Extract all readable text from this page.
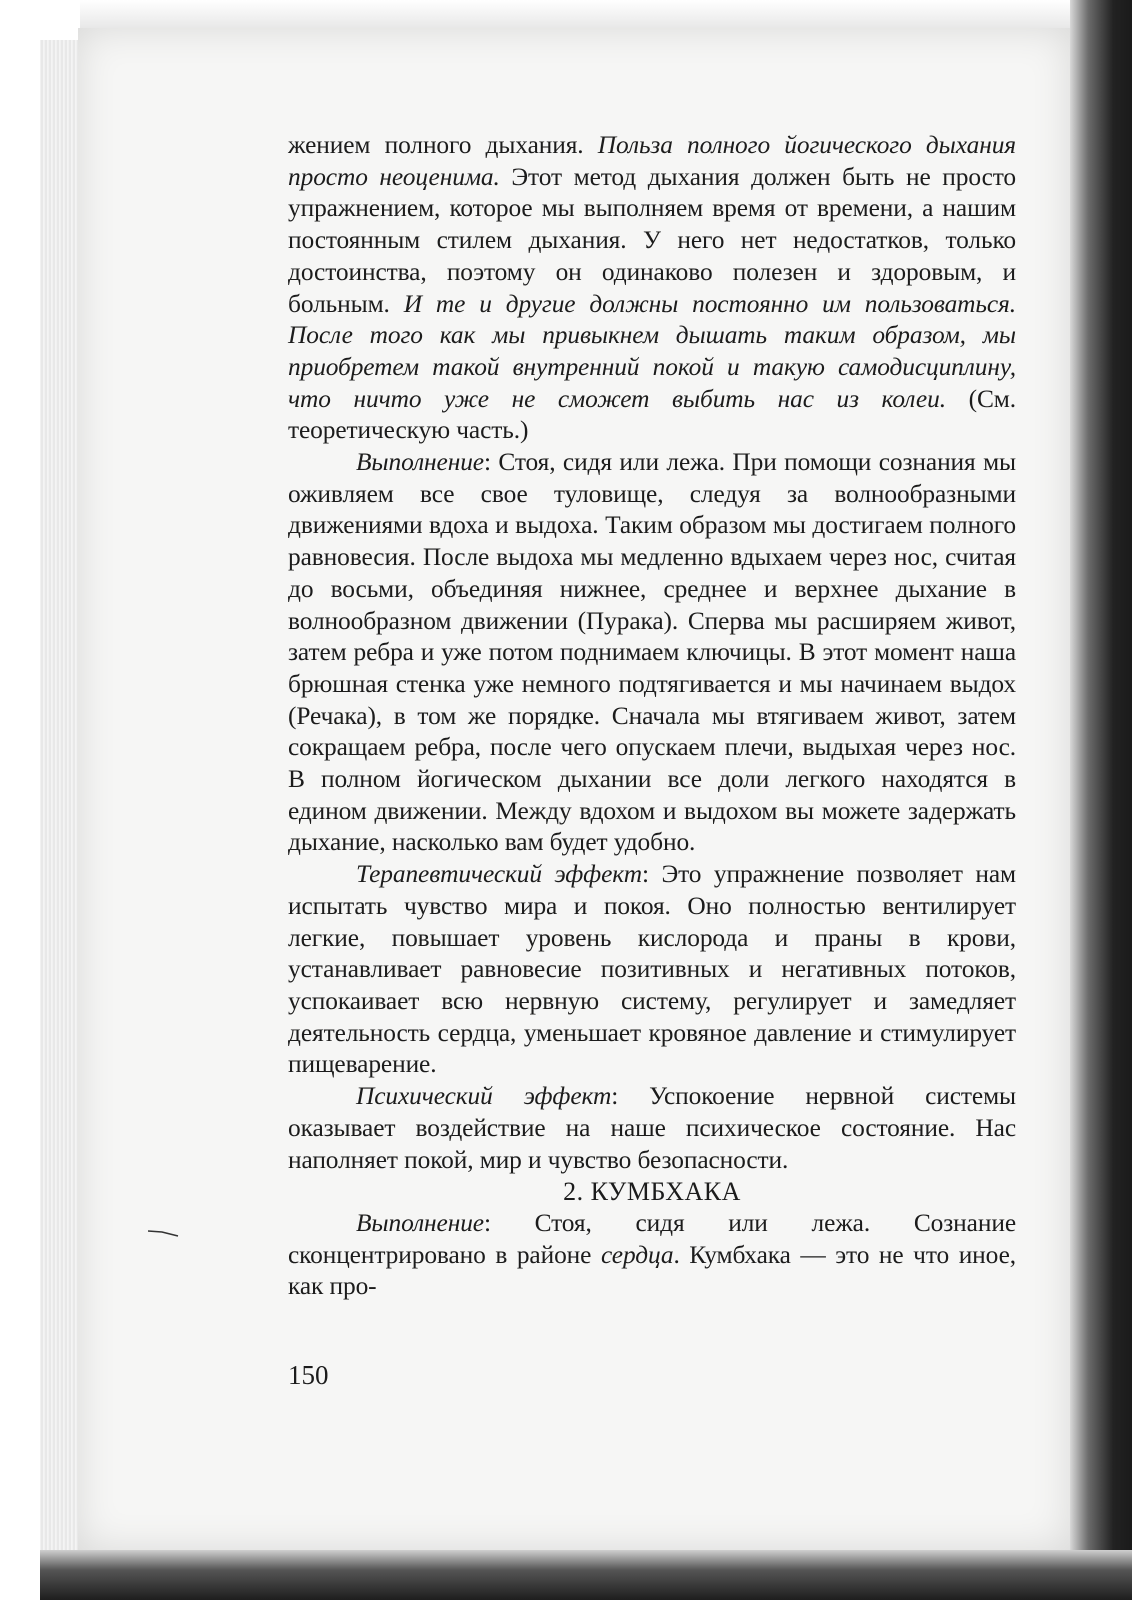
жением полного дыхания. Польза полного йогического дыхания просто неоценима. Этот метод дыхания должен быть не просто упражнением, которое мы выполняем время от времени, а нашим постоянным стилем дыхания. У него нет недостатков, только достоинства, поэтому он одинаково полезен и здоровым, и больным. И те и другие должны постоянно им пользоваться. После того как мы привыкнем дышать таким образом, мы приобретем такой внутренний покой и такую самодисциплину, что ничто уже не сможет выбить нас из колеи. (См. теоретическую часть.)

Выполнение: Стоя, сидя или лежа. При помощи сознания мы оживляем все свое туловище, следуя за волнообразными движениями вдоха и выдоха. Таким образом мы достигаем полного равновесия. После выдоха мы медленно вдыхаем через нос, считая до восьми, объединяя нижнее, среднее и верхнее дыхание в волнообразном движении (Пурака). Сперва мы расширяем живот, затем ребра и уже потом поднимаем ключицы. В этот момент наша брюшная стенка уже немного подтягивается и мы начинаем выдох (Речака), в том же порядке. Сначала мы втягиваем живот, затем сокращаем ребра, после чего опускаем плечи, выдыхая через нос. В полном йогическом дыхании все доли легкого находятся в едином движении. Между вдохом и выдохом вы можете задержать дыхание, насколько вам будет удобно.

Терапевтический эффект: Это упражнение позволяет нам испытать чувство мира и покоя. Оно полностью вентилирует легкие, повышает уровень кислорода и праны в крови, устанавливает равновесие позитивных и негативных потоков, успокаивает всю нервную систему, регулирует и замедляет деятельность сердца, уменьшает кровяное давление и стимулирует пищеварение.

Психический эффект: Успокоение нервной системы оказывает воздействие на наше психическое состояние. Нас наполняет покой, мир и чувство безопасности.

2. КУМБХАКА

Выполнение: Стоя, сидя или лежа. Сознание сконцентрировано в районе сердца. Кумбхака — это не что иное, как про-

150
